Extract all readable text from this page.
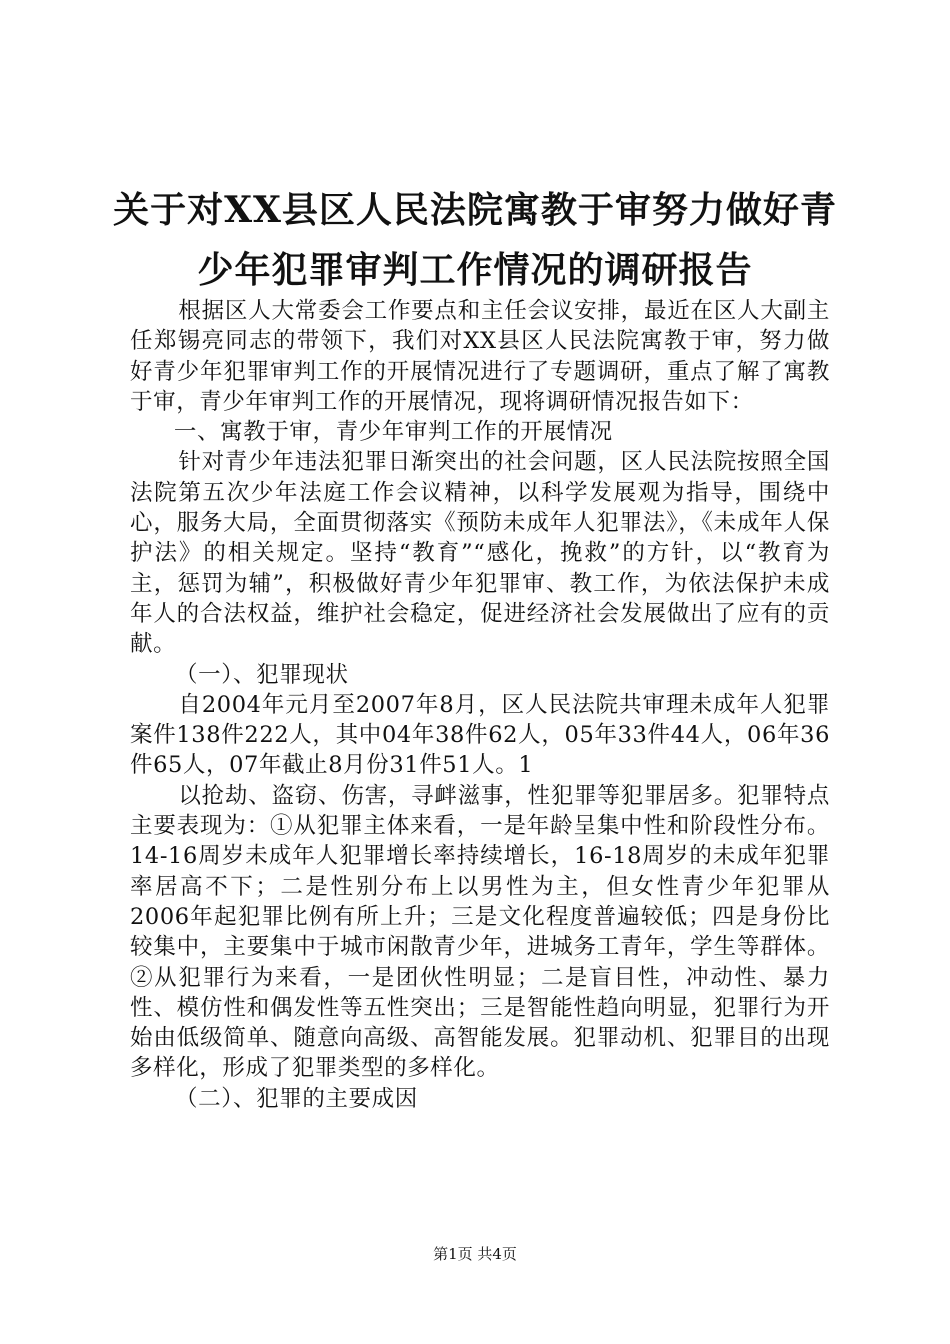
关于对XX县区人民法院寓教于审努力做好青
少年犯罪审判工作情况的调研报告

根据区人大常委会工作要点和主任会议安排，最近在区人大副主任郑锡亮同志的带领下，我们对XX县区人民法院寓教于审，努力做好青少年犯罪审判工作的开展情况进行了专题调研，重点了解了寓教于审，青少年审判工作的开展情况，现将调研情况报告如下：

一、寓教于审，青少年审判工作的开展情况

针对青少年违法犯罪日渐突出的社会问题，区人民法院按照全国法院第五次少年法庭工作会议精神，以科学发展观为指导，围绕中心，服务大局，全面贯彻落实《预防未成年人犯罪法》，《未成年人保护法》的相关规定。坚持“教育”“感化，挽救”的方针，以“教育为主，惩罚为辅”，积极做好青少年犯罪审、教工作，为依法保护未成年人的合法权益，维护社会稳定，促进经济社会发展做出了应有的贡献。

（一）、犯罪现状

自2004年元月至2007年8月，区人民法院共审理未成年人犯罪案件138件222人，其中04年38件62人，05年33件44人，06年36件65人，07年截止8月份31件51人。1

以抢劫、盗窃、伤害，寻衅滋事，性犯罪等犯罪居多。犯罪特点主要表现为：①从犯罪主体来看，一是年龄呈集中性和阶段性分布。14-16周岁未成年人犯罪增长率持续增长，16-18周岁的未成年犯罪率居高不下；二是性别分布上以男性为主，但女性青少年犯罪从2006年起犯罪比例有所上升；三是文化程度普遍较低；四是身份比较集中，主要集中于城市闲散青少年，进城务工青年，学生等群体。②从犯罪行为来看，一是团伙性明显；二是盲目性，冲动性、暴力性、模仿性和偶发性等五性突出；三是智能性趋向明显，犯罪行为开始由低级简单、随意向高级、高智能发展。犯罪动机、犯罪目的出现多样化，形成了犯罪类型的多样化。

（二）、犯罪的主要成因

第1页 共4页
